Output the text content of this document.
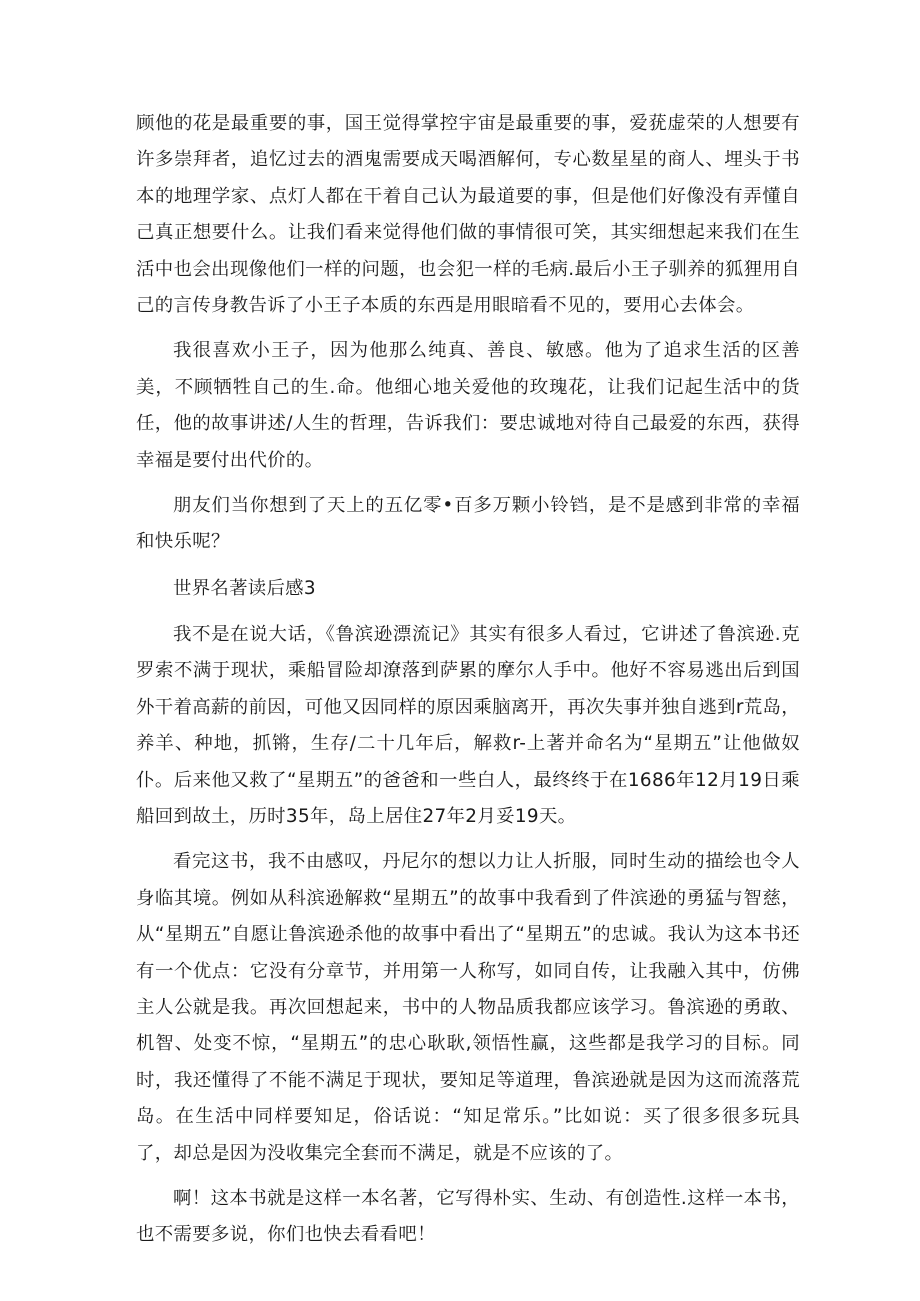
顾他的花是最重要的事，国王觉得掌控宇宙是最重要的事，爱莸虚荣的人想要有许多崇拜者，追忆过去的酒鬼需要成天喝酒解何，专心数星星的商人、埋头于书本的地理学家、点灯人都在干着自己认为最道要的事，但是他们好像没有弄懂自己真正想要什么。让我们看来觉得他们做的事情很可笑，其实细想起来我们在生活中也会出现像他们一样的问题，也会犯一样的毛病.最后小王子驯养的狐狸用自己的言传身教告诉了小王子本质的东西是用眼暗看不见的，要用心去体会。

我很喜欢小王子，因为他那么纯真、善良、敏感。他为了追求生活的区善美，不顾牺牲自己的生.命。他细心地关爱他的玫瑰花，让我们记起生活中的货任，他的故事讲述/人生的哲理，告诉我们：要忠诚地对待自己最爱的东西，获得幸福是要付出代价的。

朋友们当你想到了天上的五亿零•百多万颗小铃铛，是不是感到非常的幸福和快乐呢？

世界名著读后感3

我不是在说大话，《鲁滨逊漂流记》其实有很多人看过，它讲述了鲁滨逊.克罗索不满于现状，乘船冒险却潦落到萨累的摩尔人手中。他好不容易逃出后到国外干着高薪的前因，可他又因同样的原因乘脑离开，再次失事并独自逃到r荒岛，养羊、种地，抓锵，生存/二十几年后，解救r-上著并命名为“星期五”让他做奴仆。后来他又救了“星期五”的爸爸和一些白人，最终终于在1686年12月19日乘船回到故土，历时35年，岛上居住27年2月妥19天。

看完这书，我不由感叹，丹尼尔的想以力让人折服，同时生动的描绘也令人身临其境。例如从科滨逊解救“星期五”的故事中我看到了件滨逊的勇猛与智慈，从“星期五”自愿让鲁滨逊杀他的故事中看出了“星期五”的忠诚。我认为这本书还有一个优点：它没有分章节，并用第一人称写，如同自传，让我融入其中，仿佛主人公就是我。再次回想起来，书中的人物品质我都应该学习。鲁滨逊的勇敢、机智、处变不惊，“星期五”的忠心耿耿,领悟性赢，这些都是我学习的目标。同时，我还懂得了不能不满足于现状，要知足等道理，鲁滨逊就是因为这而流落荒岛。在生活中同样要知足，俗话说：“知足常乐。”比如说：买了很多很多玩具了，却总是因为没收集完全套而不满足，就是不应该的了。

啊！这本书就是这样一本名著，它写得朴实、生动、有创造性.这样一本书，也不需要多说，你们也快去看看吧！
